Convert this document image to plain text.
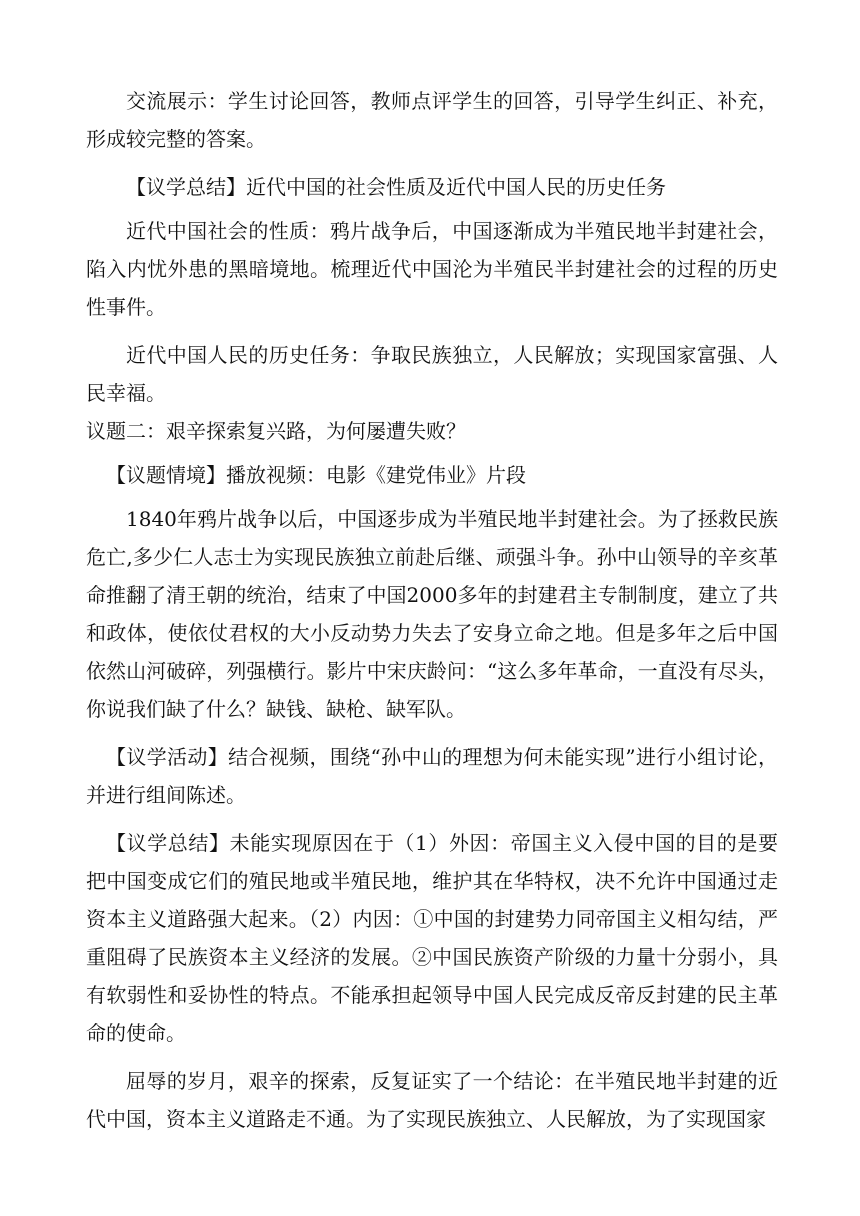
交流展示：学生讨论回答，教师点评学生的回答，引导学生纠正、补充，形成较完整的答案。

【议学总结】近代中国的社会性质及近代中国人民的历史任务

近代中国社会的性质：鸦片战争后，中国逐渐成为半殖民地半封建社会，陷入内忧外患的黑暗境地。梳理近代中国沦为半殖民半封建社会的过程的历史性事件。

近代中国人民的历史任务：争取民族独立，人民解放；实现国家富强、人民幸福。

议题二：艰辛探索复兴路，为何屡遭失败？

【议题情境】播放视频：电影《建党伟业》片段

1840年鸦片战争以后，中国逐步成为半殖民地半封建社会。为了拯救民族危亡,多少仁人志士为实现民族独立前赴后继、顽强斗争。孙中山领导的辛亥革命推翻了清王朝的统治，结束了中国2000多年的封建君主专制制度，建立了共和政体，使依仗君权的大小反动势力失去了安身立命之地。但是多年之后中国依然山河破碎，列强横行。影片中宋庆龄问：“这么多年革命，一直没有尽头，你说我们缺了什么？缺钱、缺枪、缺军队。

【议学活动】结合视频，围绕“孙中山的理想为何未能实现”进行小组讨论，并进行组间陈述。

【议学总结】未能实现原因在于（1）外因：帝国主义入侵中国的目的是要把中国变成它们的殖民地或半殖民地，维护其在华特权，决不允许中国通过走资本主义道路强大起来。（2）内因：①中国的封建势力同帝国主义相勾结，严重阻碍了民族资本主义经济的发展。②中国民族资产阶级的力量十分弱小，具有软弱性和妥协性的特点。不能承担起领导中国人民完成反帝反封建的民主革命的使命。

屈辱的岁月，艰辛的探索，反复证实了一个结论：在半殖民地半封建的近代中国，资本主义道路走不通。为了实现民族独立、人民解放，为了实现国家
